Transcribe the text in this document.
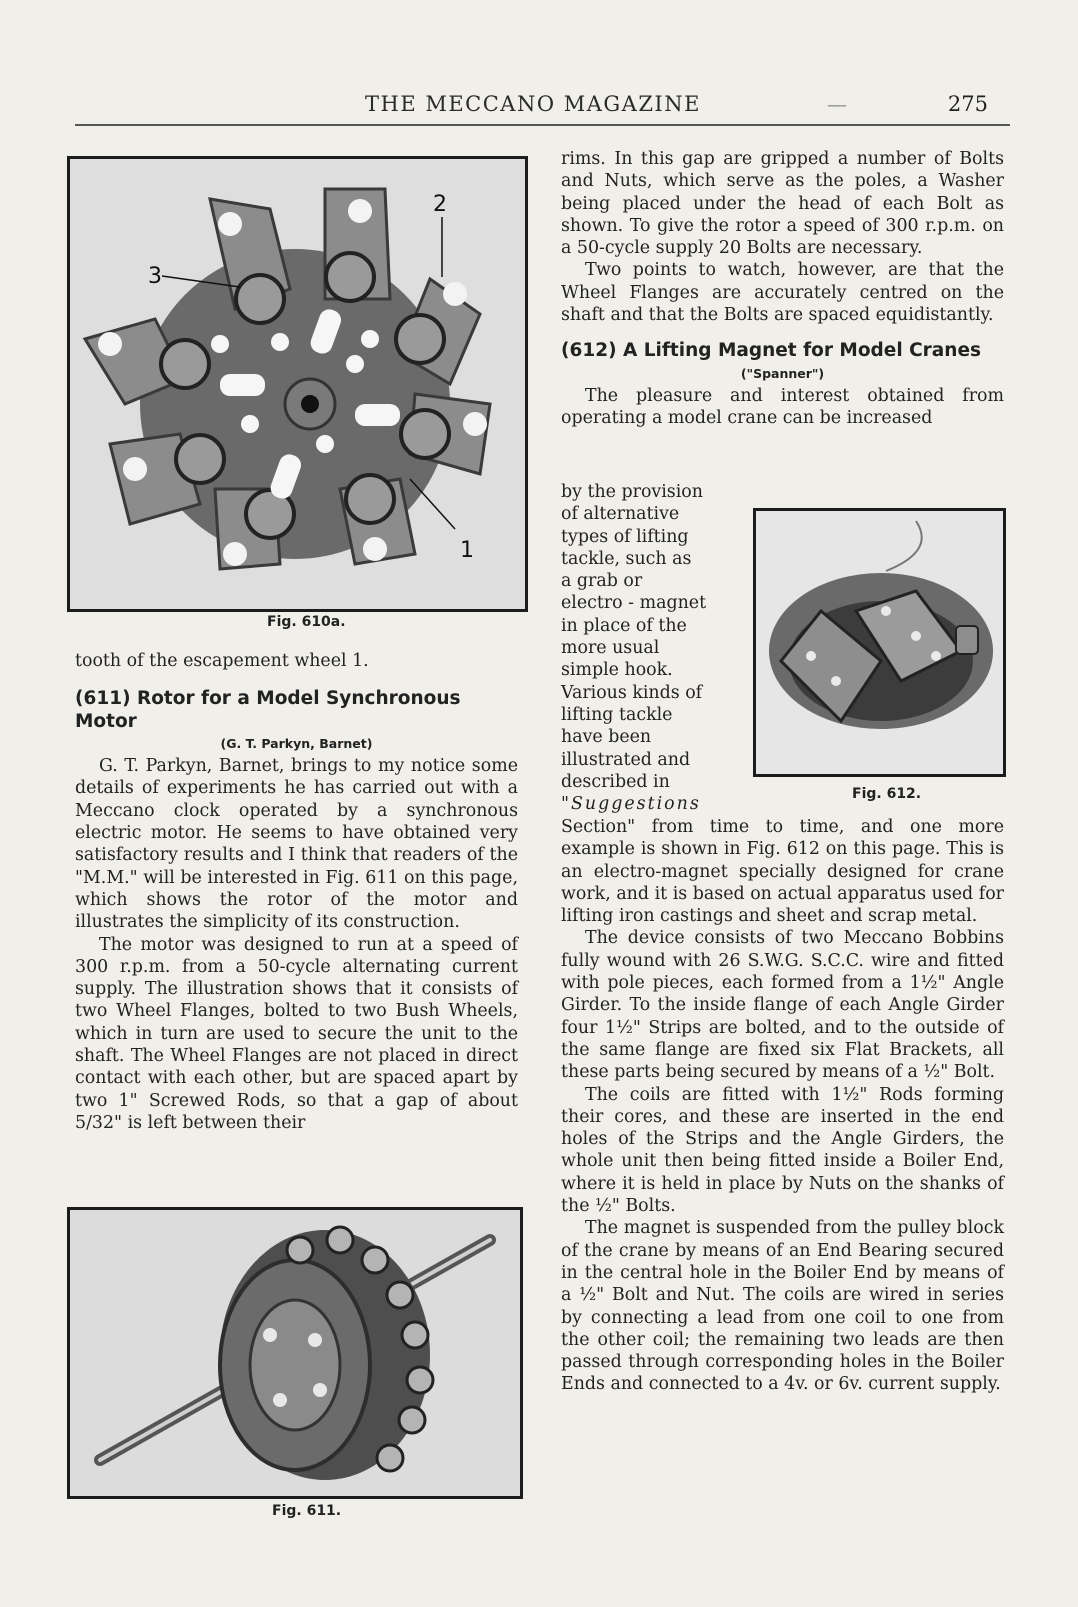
THE MECCANO MAGAZINE	—	275
3
2
1
Fig. 610a.

tooth of the escapement wheel 1.

(611) Rotor for a Model Synchronous Motor

(G. T. Parkyn, Barnet)

G. T. Parkyn, Barnet, brings to my notice some details of experiments he has carried out with a Meccano clock operated by a synchronous electric motor. He seems to have obtained very satisfactory results and I think that readers of the "M.M." will be interested in Fig. 611 on this page, which shows the rotor of the motor and illustrates the simplicity of its construction.

The motor was designed to run at a speed of 300 r.p.m. from a 50-cycle alternating current supply. The illustration shows that it consists of two Wheel Flanges, bolted to two Bush Wheels, which in turn are used to secure the unit to the shaft. The Wheel Flanges are not placed in direct contact with each other, but are spaced apart by two 1" Screwed Rods, so that a gap of about 5/32" is left between their

Fig. 611.

rims. In this gap are gripped a number of Bolts and Nuts, which serve as the poles, a Washer being placed under the head of each Bolt as shown. To give the rotor a speed of 300 r.p.m. on a 50-cycle supply 20 Bolts are necessary.

Two points to watch, however, are that the Wheel Flanges are accurately centred on the shaft and that the Bolts are spaced equidistantly.

(612) A Lifting Magnet for Model Cranes

("Spanner")

The pleasure and interest obtained from operating a model crane can be increased

by the provision
of alternative
types of lifting
tackle, such as
a grab or
electro - magnet
in place of the
more usual
simple hook.
Various kinds of
lifting tackle
have been
illustrated and
described in
"Suggestions
Fig. 612.

Section" from time to time, and one more example is shown in Fig. 612 on this page. This is an electro-magnet specially designed for crane work, and it is based on actual apparatus used for lifting iron castings and sheet and scrap metal.

The device consists of two Meccano Bobbins fully wound with 26 S.W.G. S.C.C. wire and fitted with pole pieces, each formed from a 1½" Angle Girder. To the inside flange of each Angle Girder four 1½" Strips are bolted, and to the outside of the same flange are fixed six Flat Brackets, all these parts being secured by means of a ½" Bolt.

The coils are fitted with 1½" Rods forming their cores, and these are inserted in the end holes of the Strips and the Angle Girders, the whole unit then being fitted inside a Boiler End, where it is held in place by Nuts on the shanks of the ½" Bolts.

The magnet is suspended from the pulley block of the crane by means of an End Bearing secured in the central hole in the Boiler End by means of a ½" Bolt and Nut. The coils are wired in series by connecting a lead from one coil to one from the other coil; the remaining two leads are then passed through corresponding holes in the Boiler Ends and connected to a 4v. or 6v. current supply.
